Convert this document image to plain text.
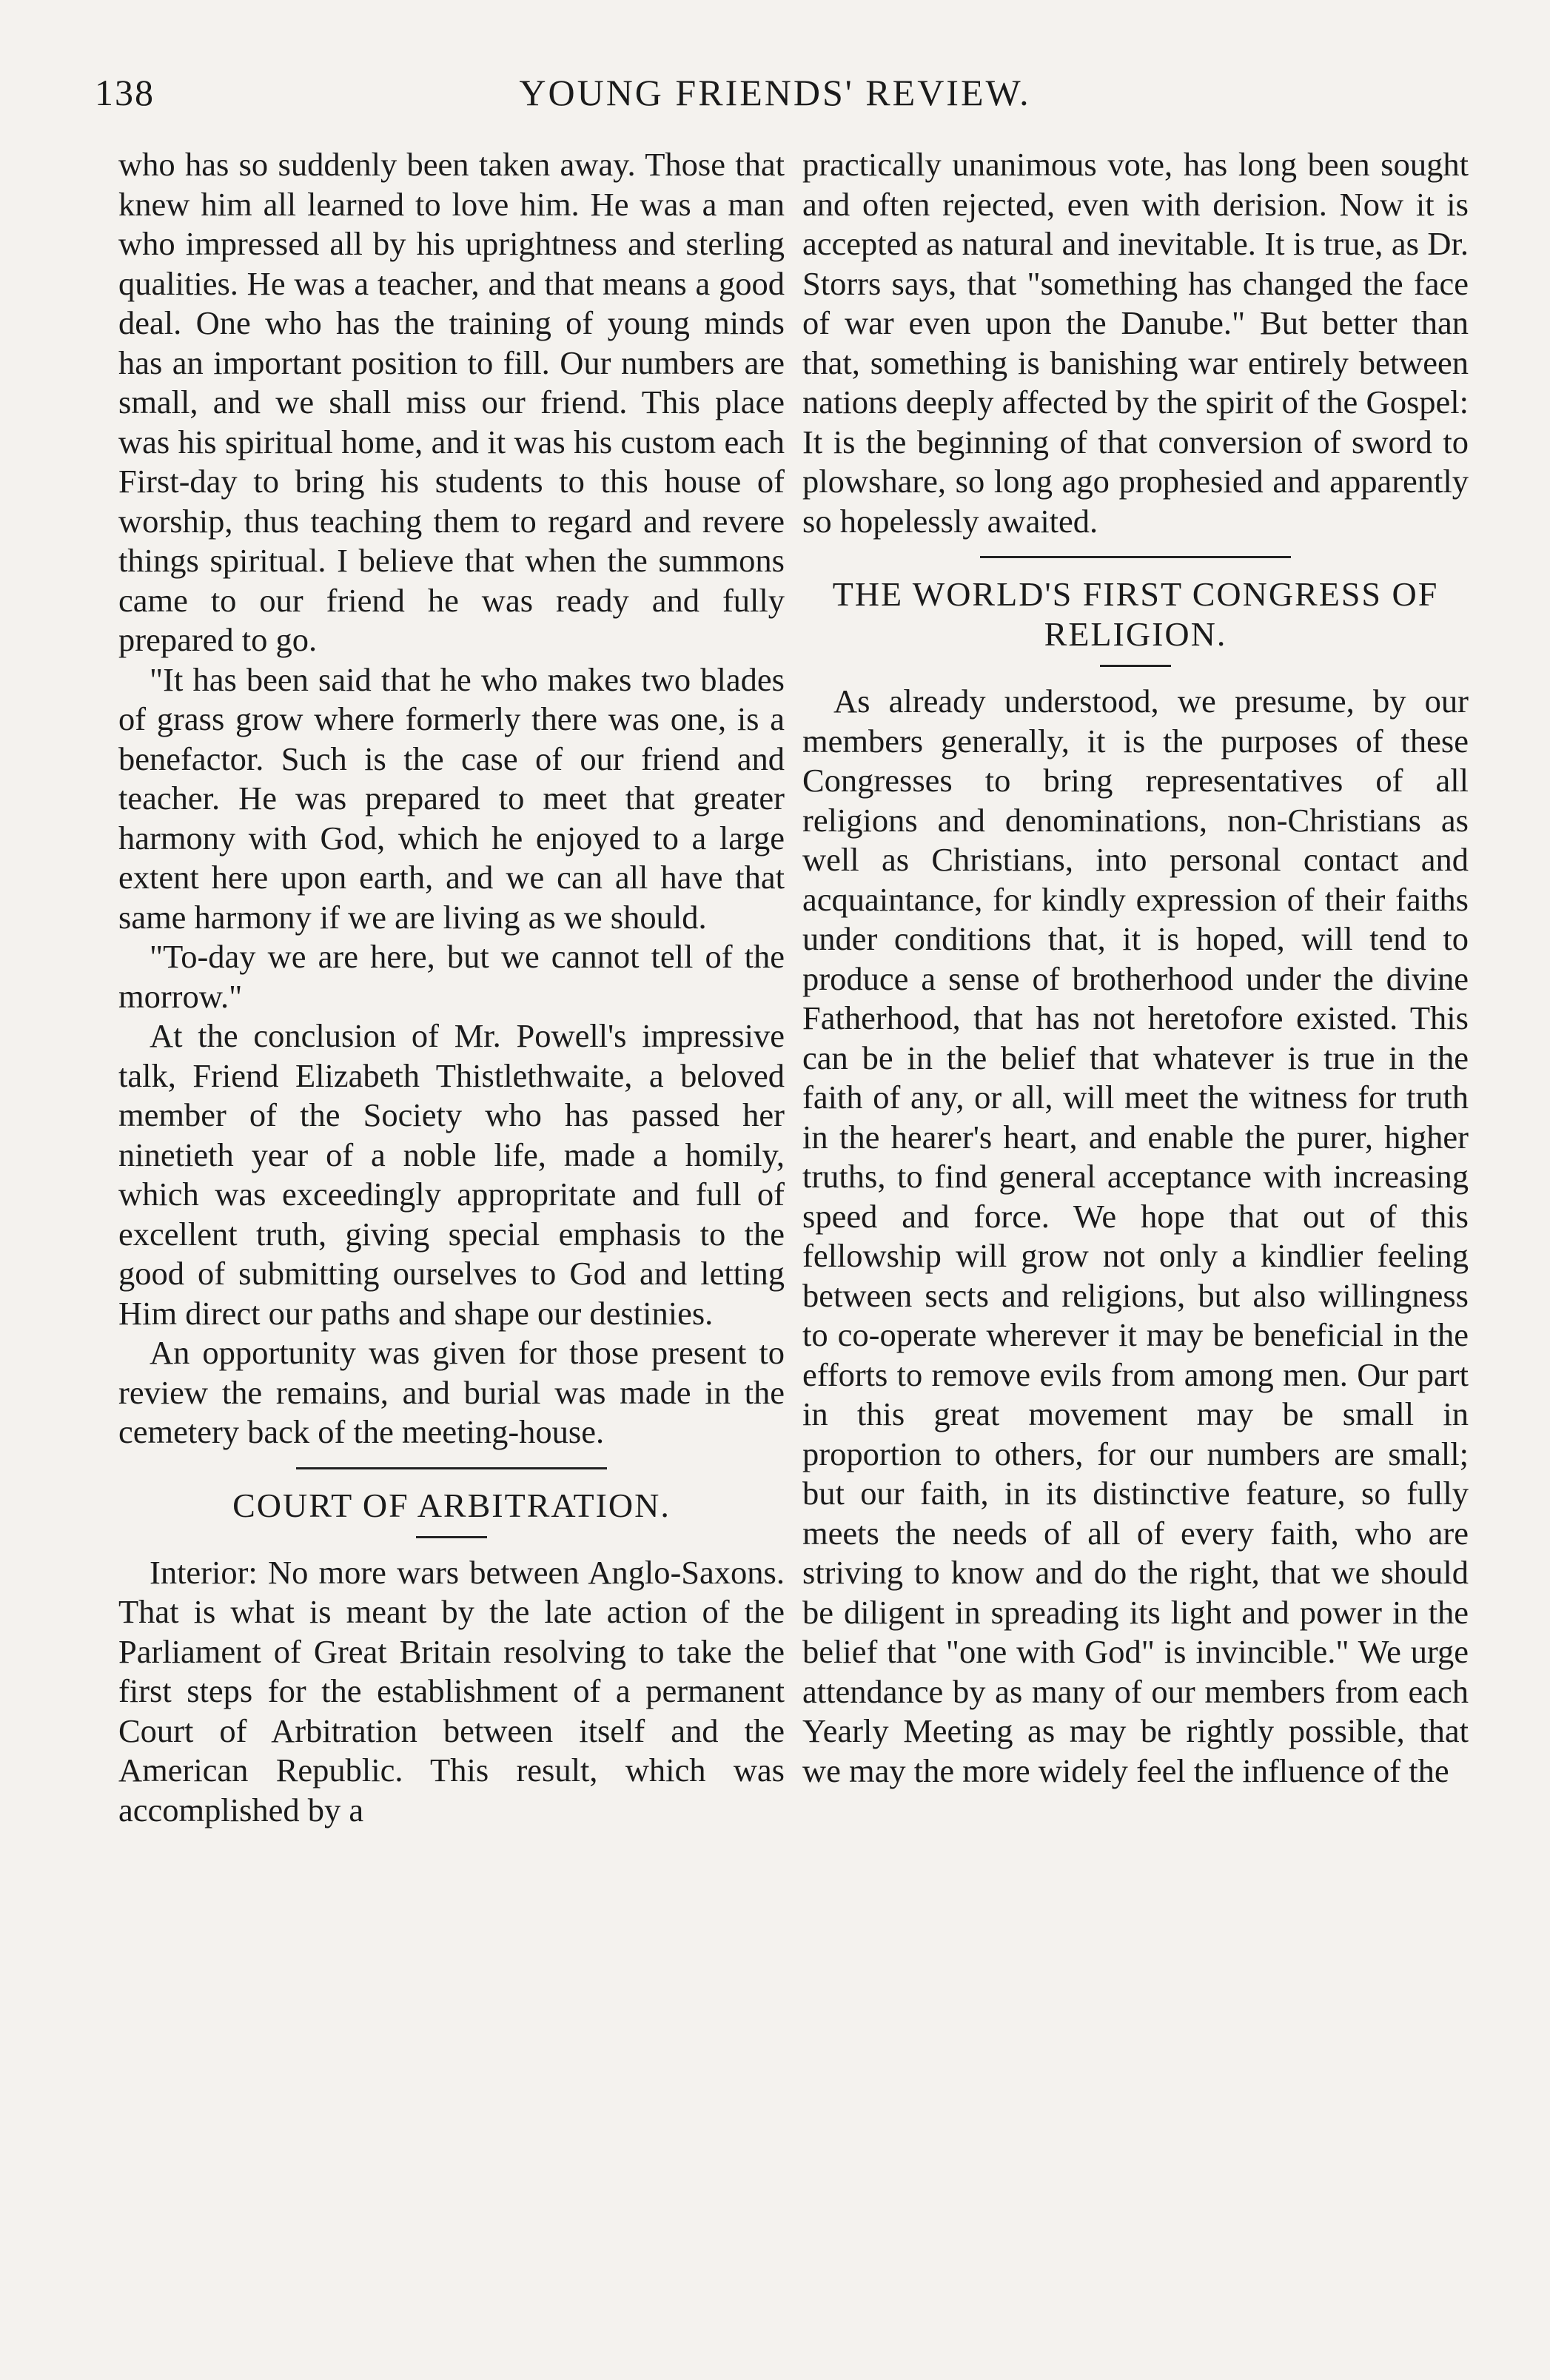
138	YOUNG FRIENDS' REVIEW.

who has so suddenly been taken away. Those that knew him all learned to love him. He was a man who impressed all by his uprightness and sterling qualities. He was a teacher, and that means a good deal. One who has the training of young minds has an important position to fill. Our numbers are small, and we shall miss our friend. This place was his spiritual home, and it was his custom each First-day to bring his students to this house of worship, thus teaching them to regard and revere things spiritual. I believe that when the summons came to our friend he was ready and fully prepared to go.

"It has been said that he who makes two blades of grass grow where formerly there was one, is a benefactor. Such is the case of our friend and teacher. He was prepared to meet that greater harmony with God, which he enjoyed to a large extent here upon earth, and we can all have that same harmony if we are living as we should.

"To-day we are here, but we cannot tell of the morrow."

At the conclusion of Mr. Powell's impressive talk, Friend Elizabeth Thistlethwaite, a beloved member of the Society who has passed her ninetieth year of a noble life, made a homily, which was exceedingly appropritate and full of excellent truth, giving special emphasis to the good of submitting ourselves to God and letting Him direct our paths and shape our destinies.

An opportunity was given for those present to review the remains, and burial was made in the cemetery back of the meeting-house.

COURT OF ARBITRATION.

Interior: No more wars between Anglo-Saxons. That is what is meant by the late action of the Parliament of Great Britain resolving to take the first steps for the establishment of a permanent Court of Arbitration between itself and the American Republic. This result, which was accomplished by a

practically unanimous vote, has long been sought and often rejected, even with derision. Now it is accepted as natural and inevitable. It is true, as Dr. Storrs says, that "something has changed the face of war even upon the Danube." But better than that, something is banishing war entirely between nations deeply affected by the spirit of the Gospel: It is the beginning of that conversion of sword to plowshare, so long ago prophesied and apparently so hopelessly awaited.

THE WORLD'S FIRST CONGRESS OF RELIGION.

As already understood, we presume, by our members generally, it is the purposes of these Congresses to bring representatives of all religions and denominations, non-Christians as well as Christians, into personal contact and acquaintance, for kindly expression of their faiths under conditions that, it is hoped, will tend to produce a sense of brotherhood under the divine Fatherhood, that has not heretofore existed. This can be in the belief that whatever is true in the faith of any, or all, will meet the witness for truth in the hearer's heart, and enable the purer, higher truths, to find general acceptance with increasing speed and force. We hope that out of this fellowship will grow not only a kindlier feeling between sects and religions, but also willingness to co-operate wherever it may be beneficial in the efforts to remove evils from among men. Our part in this great movement may be small in proportion to others, for our numbers are small; but our faith, in its distinctive feature, so fully meets the needs of all of every faith, who are striving to know and do the right, that we should be diligent in spreading its light and power in the belief that "one with God" is invincible." We urge attendance by as many of our members from each Yearly Meeting as may be rightly possible, that we may the more widely feel the influence of the
